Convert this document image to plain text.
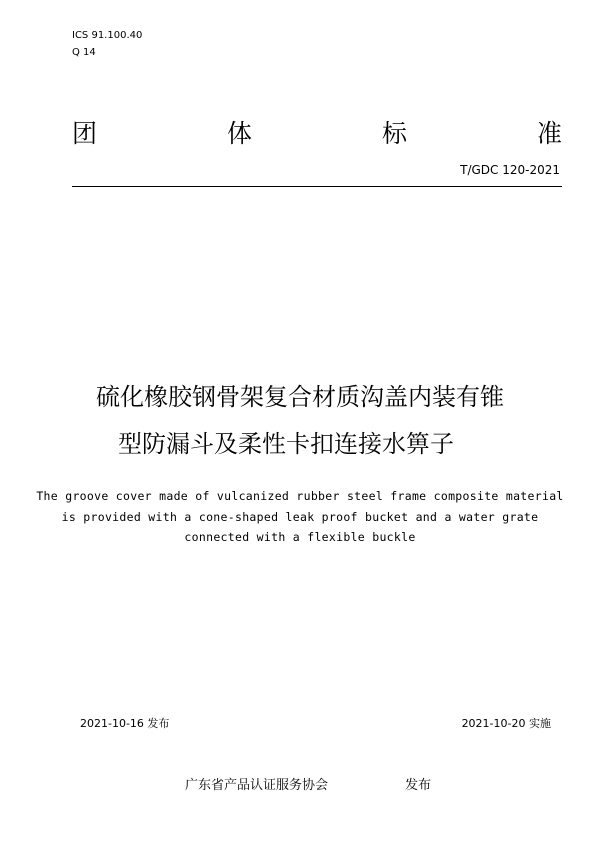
ICS 91.100.40
Q 14
团	体	标	准
T/GDC 120-2021
硫化橡胶钢骨架复合材质沟盖内装有锥
型防漏斗及柔性卡扣连接水箅子
The groove cover made of vulcanized rubber steel frame composite material
is provided with a cone-shaped leak proof bucket and a water grate
connected with a flexible buckle
2021-10-16 发布	2021-10-20 实施
广东省产品认证服务协会	发布
